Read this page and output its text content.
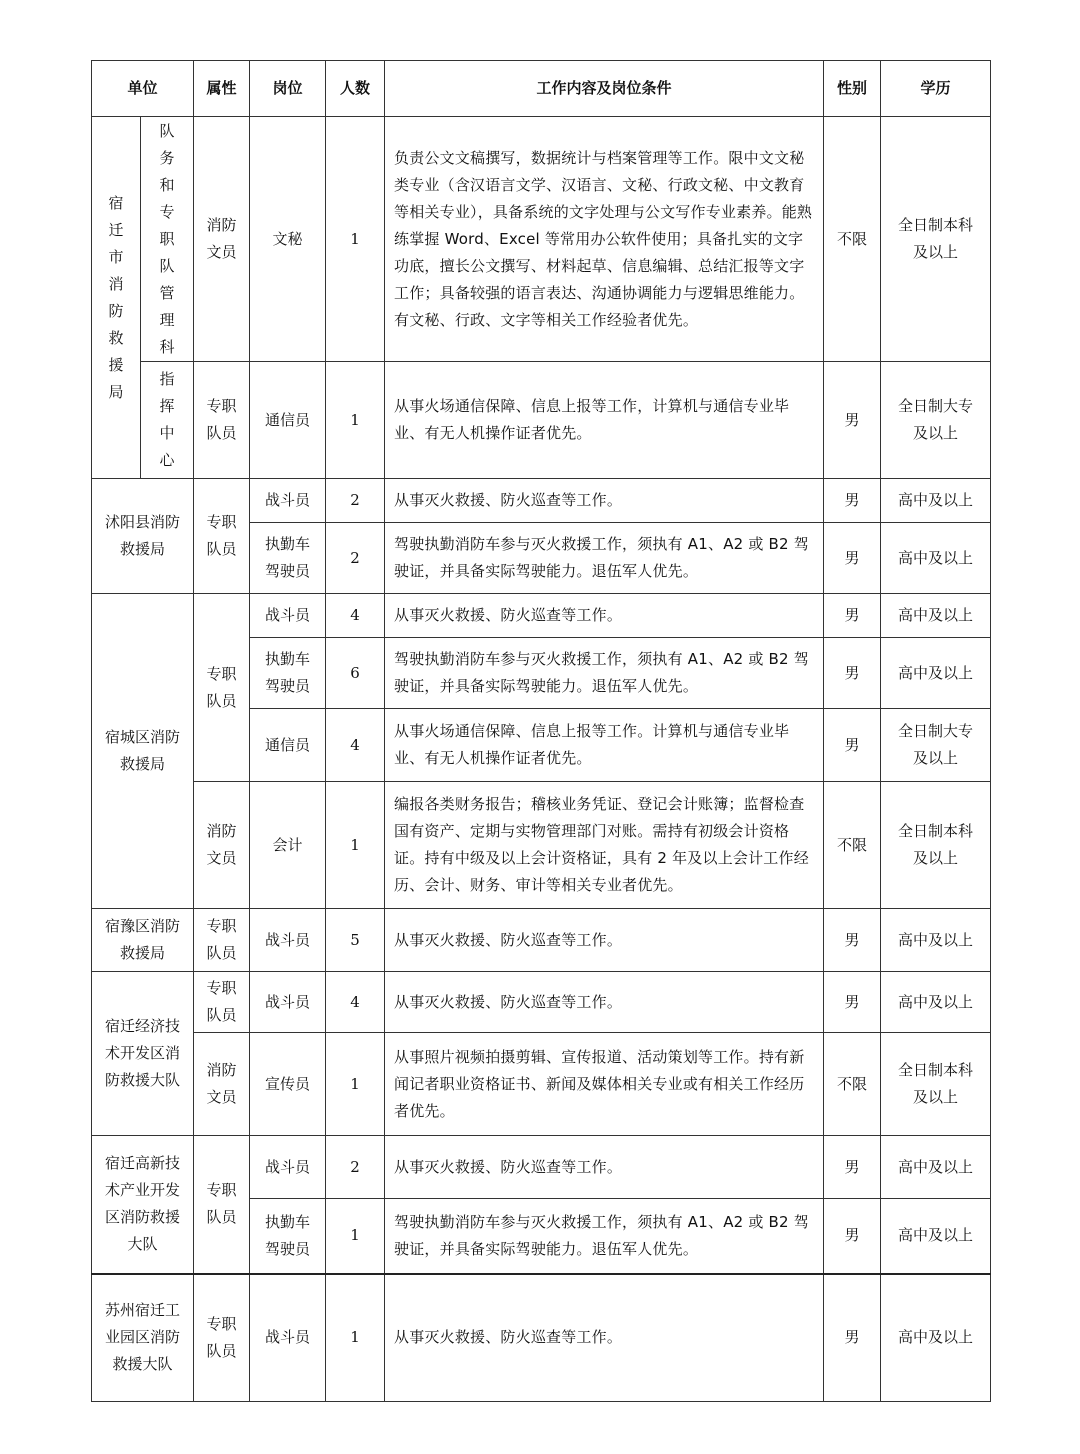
单位		属性	岗位	人数	工作内容及岗位条件	性别	学历
宿迁市消防救援局	队务和专职队管理科	消防文员	文秘	1	负责公文文稿撰写，数据统计与档案管理等工作。限中文文秘类专业（含汉语言文学、汉语言、文秘、行政文秘、中文教育等相关专业），具备系统的文字处理与公文写作专业素养。能熟练掌握 Word、Excel 等常用办公软件使用；具备扎实的文字功底，擅长公文撰写、材料起草、信息编辑、总结汇报等文字工作；具备较强的语言表达、沟通协调能力与逻辑思维能力。有文秘、行政、文字等相关工作经验者优先。	不限	全日制本科及以上
	指挥中心	专职队员	通信员	1	从事火场通信保障、信息上报等工作，计算机与通信专业毕业、有无人机操作证者优先。	男	全日制大专及以上
沭阳县消防救援局		专职队员	战斗员	2	从事灭火救援、防火巡查等工作。	男	高中及以上
			执勤车驾驶员	2	驾驶执勤消防车参与灭火救援工作，须执有 A1、A2 或 B2 驾驶证，并具备实际驾驶能力。退伍军人优先。	男	高中及以上
宿城区消防救援局		专职队员	战斗员	4	从事灭火救援、防火巡查等工作。	男	高中及以上
			执勤车驾驶员	6	驾驶执勤消防车参与灭火救援工作，须执有 A1、A2 或 B2 驾驶证，并具备实际驾驶能力。退伍军人优先。	男	高中及以上
			通信员	4	从事火场通信保障、信息上报等工作。计算机与通信专业毕业、有无人机操作证者优先。	男	全日制大专及以上
		消防文员	会计	1	编报各类财务报告；稽核业务凭证、登记会计账簿；监督检查国有资产、定期与实物管理部门对账。需持有初级会计资格证。持有中级及以上会计资格证，具有 2 年及以上会计工作经历、会计、财务、审计等相关专业者优先。	不限	全日制本科及以上
宿豫区消防救援局		专职队员	战斗员	5	从事灭火救援、防火巡查等工作。	男	高中及以上
宿迁经济技术开发区消防救援大队		专职队员	战斗员	4	从事灭火救援、防火巡查等工作。	男	高中及以上
		消防文员	宣传员	1	从事照片视频拍摄剪辑、宣传报道、活动策划等工作。持有新闻记者职业资格证书、新闻及媒体相关专业或有相关工作经历者优先。	不限	全日制本科及以上
宿迁高新技术产业开发区消防救援大队		专职队员	战斗员	2	从事灭火救援、防火巡查等工作。	男	高中及以上
			执勤车驾驶员	1	驾驶执勤消防车参与灭火救援工作，须执有 A1、A2 或 B2 驾驶证，并具备实际驾驶能力。退伍军人优先。	男	高中及以上
苏州宿迁工业园区消防救援大队		专职队员	战斗员	1	从事灭火救援、防火巡查等工作。	男	高中及以上
